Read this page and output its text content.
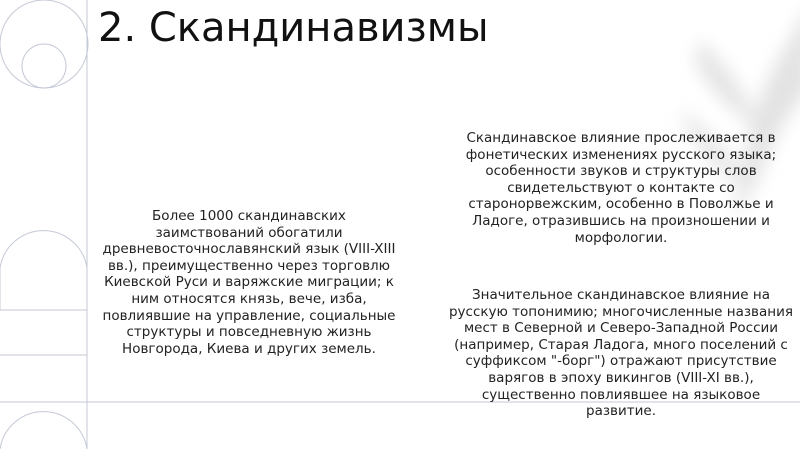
2. Скандинавизмы

Более 1000 скандинавских заимствований обогатили древневосточнославянский язык (VIII-XIII вв.), преимущественно через торговлю Киевской Руси и варяжские миграции; к ним относятся князь, вече, изба, повлиявшие на управление, социальные структуры и повседневную жизнь Новгорода, Киева и других земель.

Скандинавское влияние прослеживается в фонетических изменениях русского языка; особенности звуков и структуры слов свидетельствуют о контакте со старонорвежским, особенно в Поволжье и Ладоге, отразившись на произношении и морфологии.

Значительное скандинавское влияние на русскую топонимию; многочисленные названия мест в Северной и Северо-Западной России (например, Старая Ладога, много поселений с суффиксом "-борг") отражают присутствие варягов в эпоху викингов (VIII-XI вв.), существенно повлиявшее на языковое развитие.
